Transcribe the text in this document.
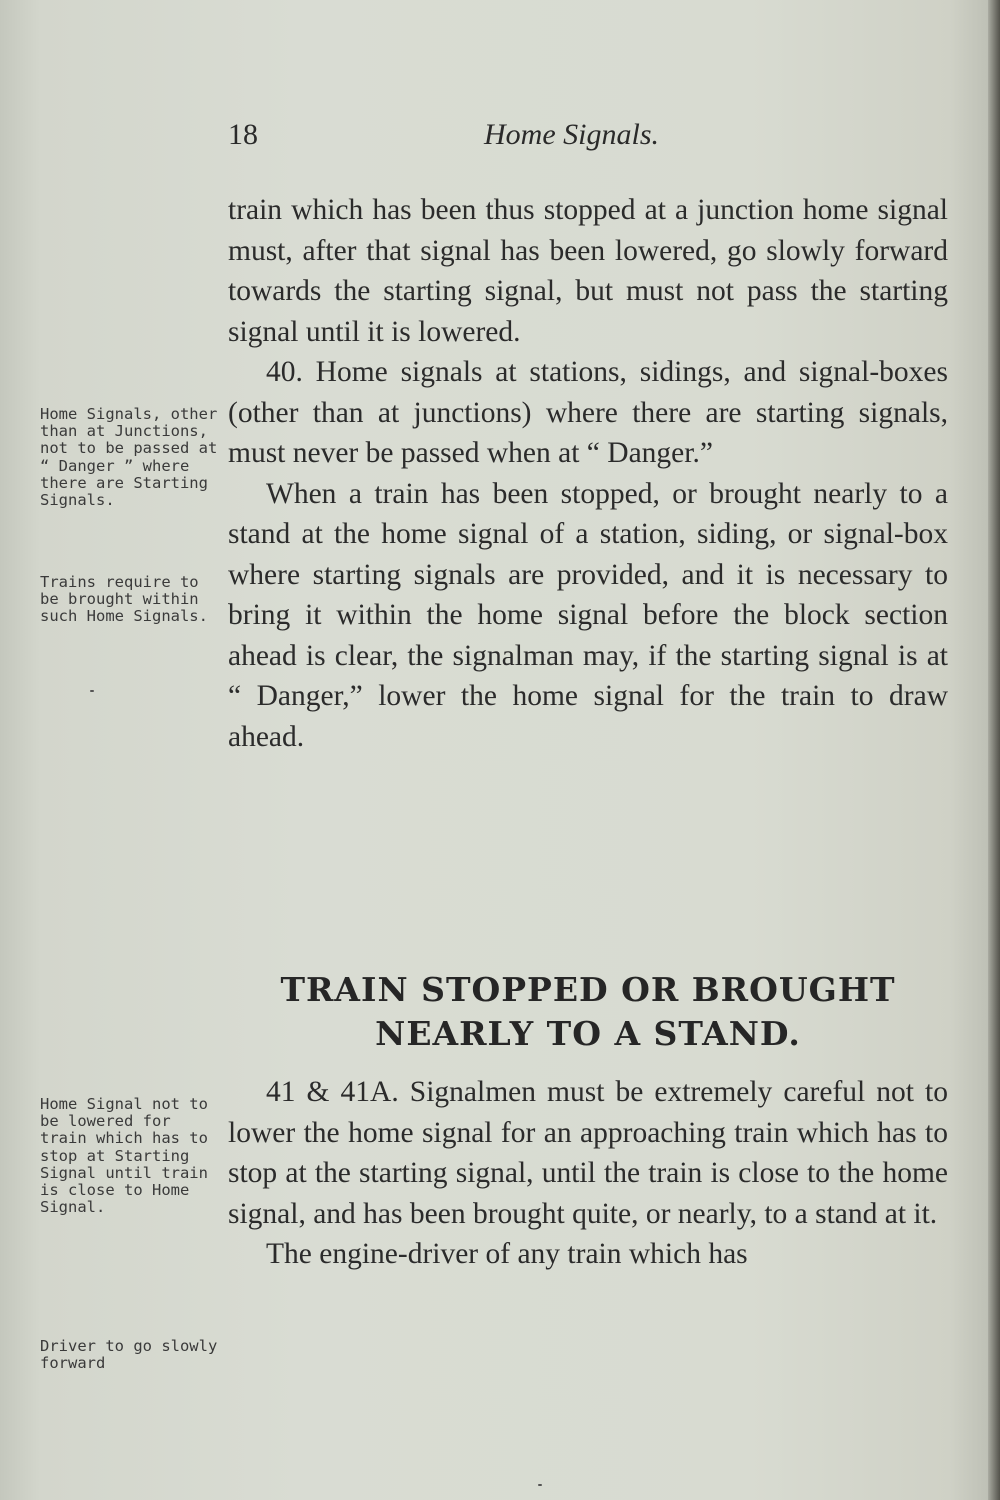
18	Home Signals.

train which has been thus stopped at a junction home signal must, after that signal has been lowered, go slowly forward towards the starting signal, but must not pass the starting signal until it is lowered.

40. Home signals at stations, sidings, and signal-boxes (other than at junctions) where there are starting signals, must never be passed when at “ Danger.”

When a train has been stopped, or brought nearly to a stand at the home signal of a station, siding, or signal-box where starting signals are provided, and it is necessary to bring it within the home signal before the block section ahead is clear, the signalman may, if the starting signal is at “ Danger,” lower the home signal for the train to draw ahead.

Home Signals, other than at Junctions, not to be passed at “ Danger ” where there are Starting Signals.
Trains require to be brought within such Home Signals.
TRAIN STOPPED OR BROUGHT
NEARLY TO A STAND.

41 & 41A. Signalmen must be extremely careful not to lower the home signal for an approaching train which has to stop at the starting signal, until the train is close to the home signal, and has been brought quite, or nearly, to a stand at it.

The engine-driver of any train which has

Home Signal not to be lowered for train which has to stop at Starting Signal until train is close to Home Signal.
Driver to go slowly forward
